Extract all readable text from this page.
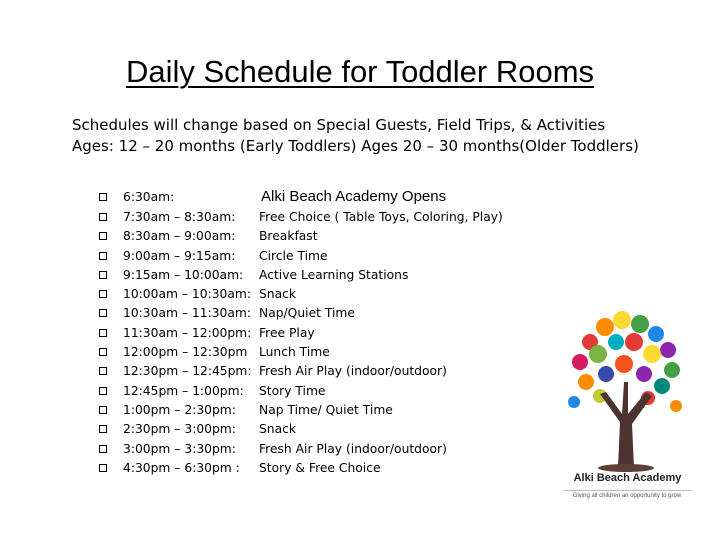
Daily Schedule for Toddler Rooms
Schedules will change based on Special Guests, Field Trips, & Activities
Ages: 12 – 20 months (Early Toddlers) Ages 20 – 30 months(Older Toddlers)
6:30am:	Alki Beach Academy Opens
7:30am – 8:30am: Free Choice ( Table Toys, Coloring, Play)
8:30am – 9:00am: Breakfast
9:00am – 9:15am: Circle Time
9:15am – 10:00am: Active Learning Stations
10:00am – 10:30am: Snack
10:30am – 11:30am: Nap/Quiet Time
11:30am – 12:00pm: Free Play
12:00pm – 12:30pm Lunch Time
12:30pm – 12:45pm: Fresh Air Play (indoor/outdoor)
12:45pm – 1:00pm: Story Time
1:00pm – 2:30pm: Nap Time/ Quiet Time
2:30pm – 3:00pm: Snack
3:00pm – 3:30pm: Fresh Air Play (indoor/outdoor)
4:30pm – 6:30pm : Story & Free Choice
Alki Beach Academy
Giving all children an opportunity to grow
